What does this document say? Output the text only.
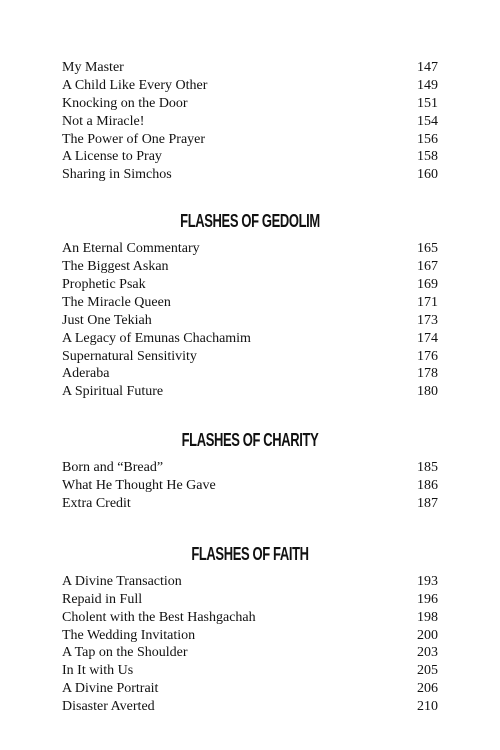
My Master	147
A Child Like Every Other	149
Knocking on the Door	151
Not a Miracle!	154
The Power of One Prayer	156
A License to Pray	158
Sharing in Simchos	160
FLASHES OF GEDOLIM
An Eternal Commentary	165
The Biggest Askan	167
Prophetic Psak	169
The Miracle Queen	171
Just One Tekiah	173
A Legacy of Emunas Chachamim	174
Supernatural Sensitivity	176
Aderaba	178
A Spiritual Future	180
FLASHES OF CHARITY
Born and “Bread”	185
What He Thought He Gave	186
Extra Credit	187
FLASHES OF FAITH
A Divine Transaction	193
Repaid in Full	196
Cholent with the Best Hashgachah	198
The Wedding Invitation	200
A Tap on the Shoulder	203
In It with Us	205
A Divine Portrait	206
Disaster Averted	210
